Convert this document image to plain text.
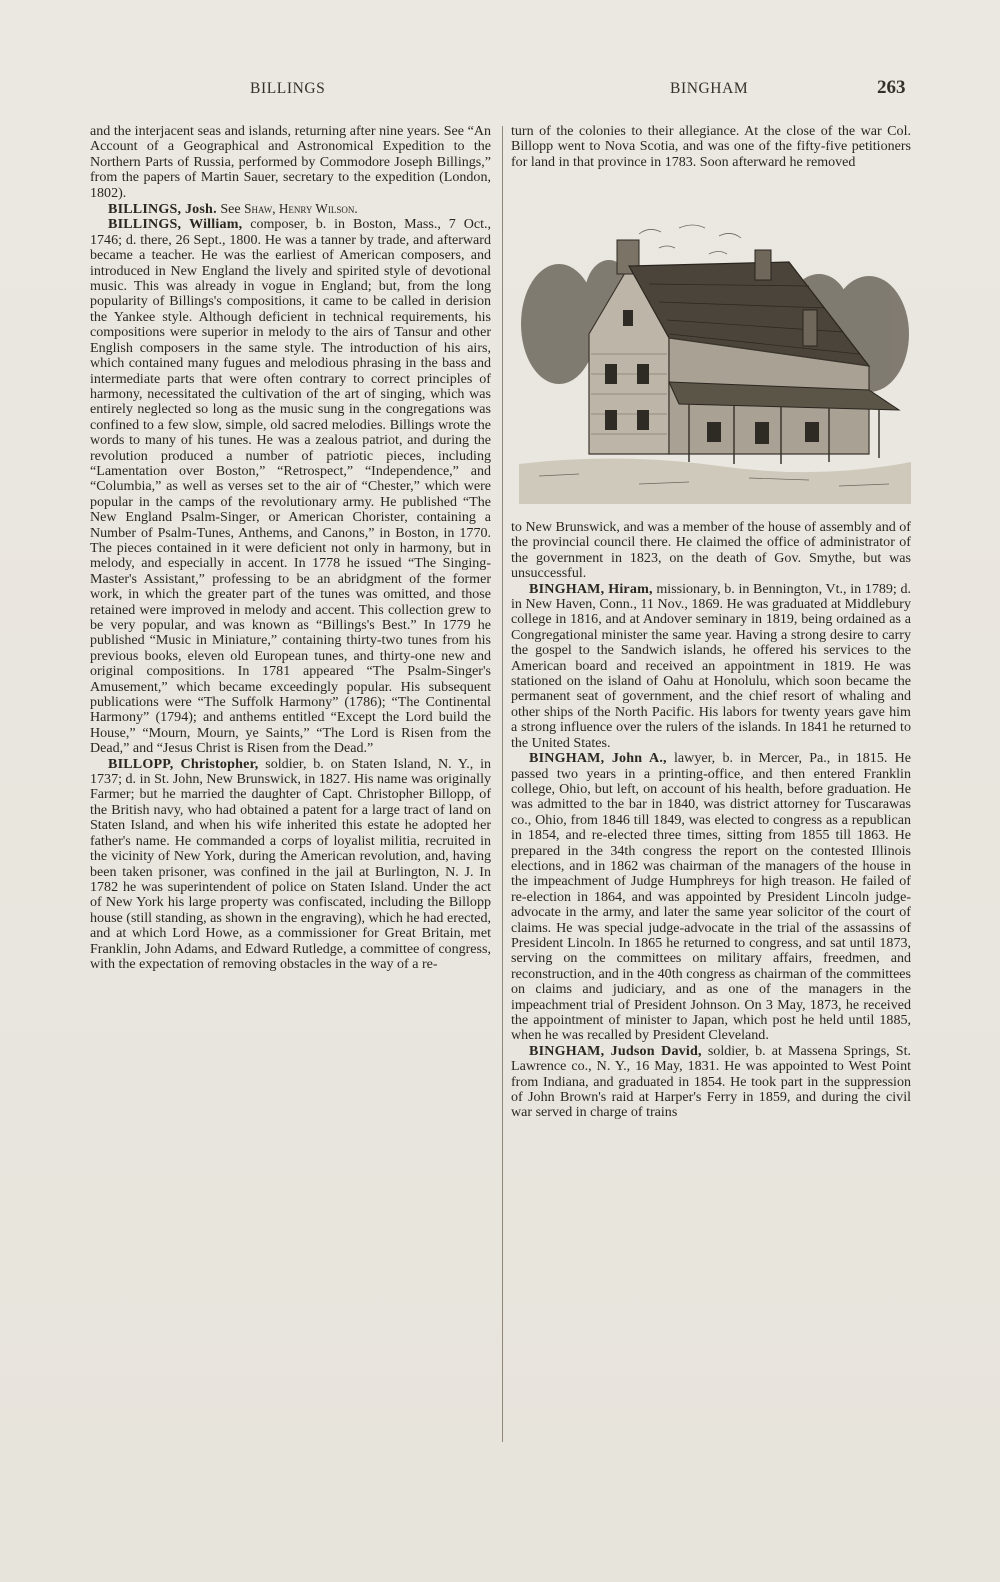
BILLINGS	BINGHAM	263

and the interjacent seas and islands, returning after nine years. See “An Account of a Geographical and Astronomical Expedition to the Northern Parts of Russia, performed by Commodore Joseph Billings,” from the papers of Martin Sauer, secretary to the expedition (London, 1802).

BILLINGS, Josh. See Shaw, Henry Wilson.

BILLINGS, William, composer, b. in Boston, Mass., 7 Oct., 1746; d. there, 26 Sept., 1800. He was a tanner by trade, and afterward became a teacher. He was the earliest of American composers, and introduced in New England the lively and spirited style of devotional music. This was already in vogue in England; but, from the long popularity of Billings's compositions, it came to be called in derision the Yankee style. Although deficient in technical requirements, his compositions were superior in melody to the airs of Tansur and other English composers in the same style. The introduction of his airs, which contained many fugues and melodious phrasing in the bass and intermediate parts that were often contrary to correct principles of harmony, necessitated the cultivation of the art of singing, which was entirely neglected so long as the music sung in the congregations was confined to a few slow, simple, old sacred melodies. Billings wrote the words to many of his tunes. He was a zealous patriot, and during the revolution produced a number of patriotic pieces, including “Lamentation over Boston,” “Retrospect,” “Independence,” and “Columbia,” as well as verses set to the air of “Chester,” which were popular in the camps of the revolutionary army. He published “The New England Psalm-Singer, or American Chorister, containing a Number of Psalm-Tunes, Anthems, and Canons,” in Boston, in 1770. The pieces contained in it were deficient not only in harmony, but in melody, and especially in accent. In 1778 he issued “The Singing-Master's Assistant,” professing to be an abridgment of the former work, in which the greater part of the tunes was omitted, and those retained were improved in melody and accent. This collection grew to be very popular, and was known as “Billings's Best.” In 1779 he published “Music in Miniature,” containing thirty-two tunes from his previous books, eleven old European tunes, and thirty-one new and original compositions. In 1781 appeared “The Psalm-Singer's Amusement,” which became exceedingly popular. His subsequent publications were “The Suffolk Harmony” (1786); “The Continental Harmony” (1794); and anthems entitled “Except the Lord build the House,” “Mourn, Mourn, ye Saints,” “The Lord is Risen from the Dead,” and “Jesus Christ is Risen from the Dead.”

BILLOPP, Christopher, soldier, b. on Staten Island, N. Y., in 1737; d. in St. John, New Brunswick, in 1827. His name was originally Farmer; but he married the daughter of Capt. Christopher Billopp, of the British navy, who had obtained a patent for a large tract of land on Staten Island, and when his wife inherited this estate he adopted her father's name. He commanded a corps of loyalist militia, recruited in the vicinity of New York, during the American revolution, and, having been taken prisoner, was confined in the jail at Burlington, N. J. In 1782 he was superintendent of police on Staten Island. Under the act of New York his large property was confiscated, including the Billopp house (still standing, as shown in the engraving), which he had erected, and at which Lord Howe, as a commissioner for Great Britain, met Franklin, John Adams, and Edward Rutledge, a committee of congress, with the expectation of removing obstacles in the way of a re-

turn of the colonies to their allegiance. At the close of the war Col. Billopp went to Nova Scotia, and was one of the fifty-five petitioners for land in that province in 1783. Soon afterward he removed

to New Brunswick, and was a member of the house of assembly and of the provincial council there. He claimed the office of administrator of the government in 1823, on the death of Gov. Smythe, but was unsuccessful.

BINGHAM, Hiram, missionary, b. in Bennington, Vt., in 1789; d. in New Haven, Conn., 11 Nov., 1869. He was graduated at Middlebury college in 1816, and at Andover seminary in 1819, being ordained as a Congregational minister the same year. Having a strong desire to carry the gospel to the Sandwich islands, he offered his services to the American board and received an appointment in 1819. He was stationed on the island of Oahu at Honolulu, which soon became the permanent seat of government, and the chief resort of whaling and other ships of the North Pacific. His labors for twenty years gave him a strong influence over the rulers of the islands. In 1841 he returned to the United States.

BINGHAM, John A., lawyer, b. in Mercer, Pa., in 1815. He passed two years in a printing-office, and then entered Franklin college, Ohio, but left, on account of his health, before graduation. He was admitted to the bar in 1840, was district attorney for Tuscarawas co., Ohio, from 1846 till 1849, was elected to congress as a republican in 1854, and re-elected three times, sitting from 1855 till 1863. He prepared in the 34th congress the report on the contested Illinois elections, and in 1862 was chairman of the managers of the house in the impeachment of Judge Humphreys for high treason. He failed of re-election in 1864, and was appointed by President Lincoln judge-advocate in the army, and later the same year solicitor of the court of claims. He was special judge-advocate in the trial of the assassins of President Lincoln. In 1865 he returned to congress, and sat until 1873, serving on the committees on military affairs, freedmen, and reconstruction, and in the 40th congress as chairman of the committees on claims and judiciary, and as one of the managers in the impeachment trial of President Johnson. On 3 May, 1873, he received the appointment of minister to Japan, which post he held until 1885, when he was recalled by President Cleveland.

BINGHAM, Judson David, soldier, b. at Massena Springs, St. Lawrence co., N. Y., 16 May, 1831. He was appointed to West Point from Indiana, and graduated in 1854. He took part in the suppression of John Brown's raid at Harper's Ferry in 1859, and during the civil war served in charge of trains
